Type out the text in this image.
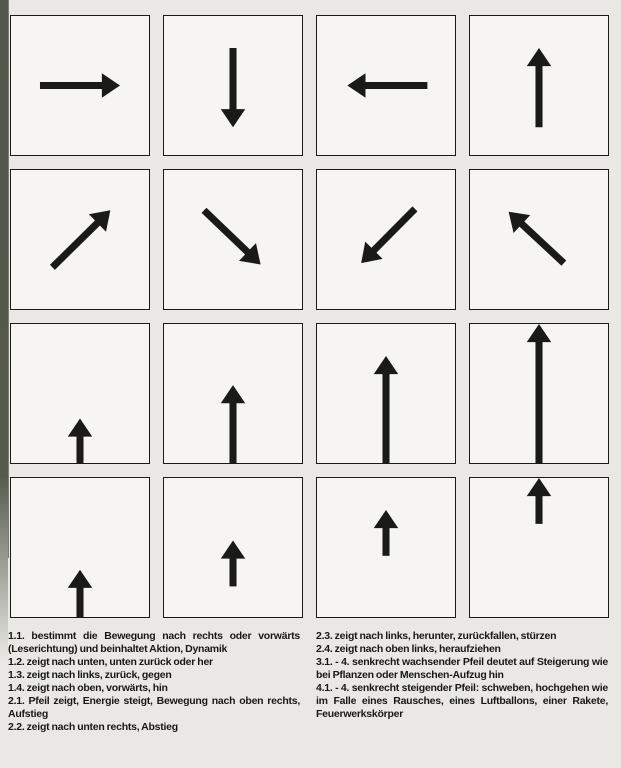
1.1. bestimmt die Bewegung nach rechts oder vorwärts (Leserichtung) und beinhaltet Aktion, Dynamik

1.2. zeigt nach unten, unten zurück oder her

1.3. zeigt nach links, zurück, gegen

1.4. zeigt nach oben, vorwärts, hin

2.1. Pfeil zeigt, Energie steigt, Bewegung nach oben rechts, Aufstieg

2.2. zeigt nach unten rechts, Abstieg

2.3. zeigt nach links, herunter, zurückfallen, stürzen

2.4. zeigt nach oben links, heraufziehen

3.1. - 4. senkrecht wachsender Pfeil deutet auf Steigerung wie bei Pflanzen oder Menschen-Aufzug hin

4.1. - 4. senkrecht steigender Pfeil: schweben, hochgehen wie im Falle eines Rausches, eines Luftballons, einer Rakete, Feuerwerkskörper
